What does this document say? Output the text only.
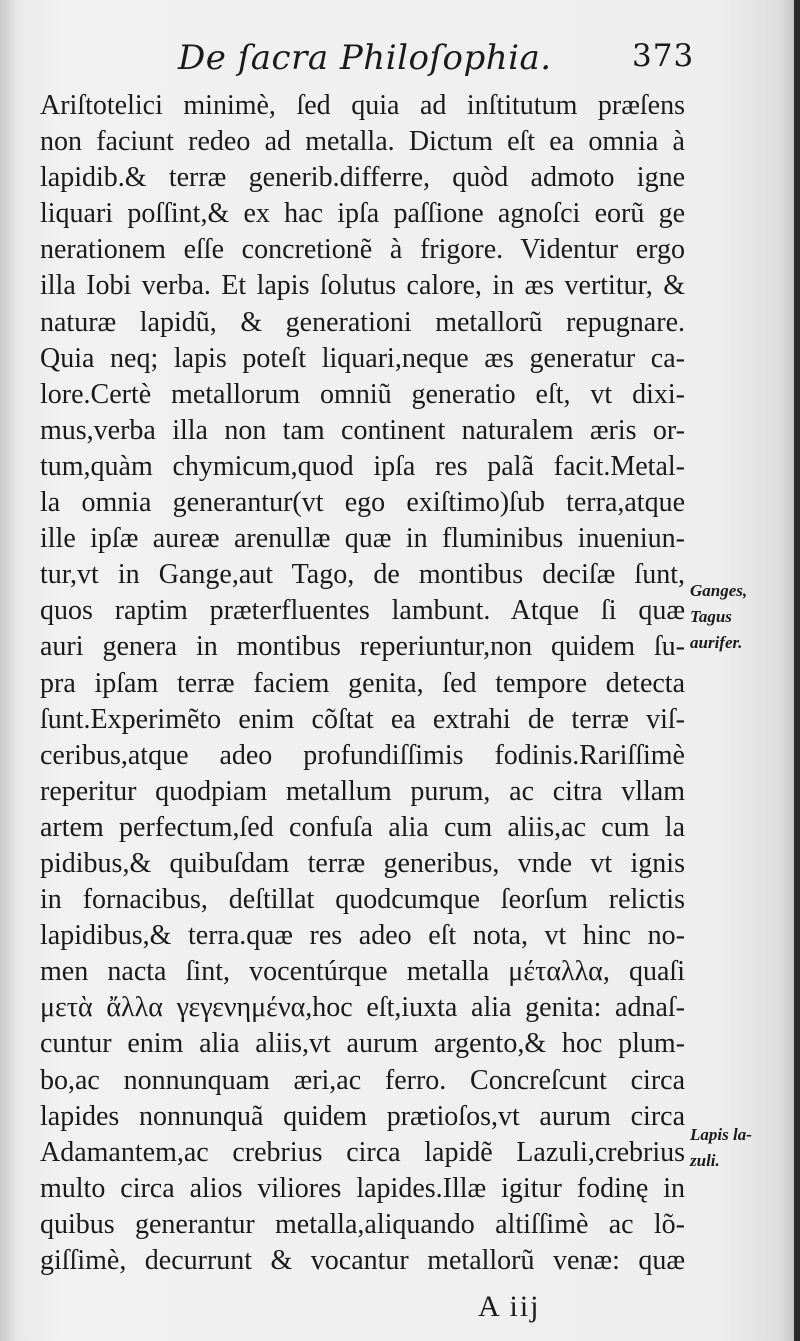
De ſacra Philoſophia.	373
Ariſtotelici minimè, ſed quia ad inſtitutum præſens
non faciunt redeo ad metalla. Dictum eſt ea omnia à
lapidib.& terræ generib.differre, quòd admoto igne
liquari poſſint,& ex hac ipſa paſſione agnoſci eorũ ge
nerationem eſſe concretionẽ à frigore. Videntur ergo
illa Iobi verba. Et lapis ſolutus calore, in æs vertitur, &
naturæ lapidũ, & generationi metallorũ repugnare.
Quia neq; lapis poteſt liquari,neque æs generatur ca-
lore.Certè metallorum omniũ generatio eſt, vt dixi-
mus,verba illa non tam continent naturalem æris or-
tum,quàm chymicum,quod ipſa res palã facit.Metal-
la omnia generantur(vt ego exiſtimo)ſub terra,atque
ille ipſæ aureæ arenullæ quæ in fluminibus inueniun-
tur,vt in Gange,aut Tago, de montibus deciſæ ſunt,
quos raptim præterfluentes lambunt. Atque ſi quæ
auri genera in montibus reperiuntur,non quidem ſu-
pra ipſam terræ faciem genita, ſed tempore detecta
ſunt.Experimẽto enim cõſtat ea extrahi de terræ viſ-
ceribus,atque adeo profundiſſimis fodinis.Rariſſimè
reperitur quodpiam metallum purum, ac citra vllam
artem perfectum,ſed confuſa alia cum aliis,ac cum la
pidibus,& quibuſdam terræ generibus, vnde vt ignis
in fornacibus, deſtillat quodcumque ſeorſum relictis
lapidibus,& terra.quæ res adeo eſt nota, vt hinc no-
men nacta ſint, vocentúrque metalla μέταλλα, quaſi
μετὰ ἄλλα γεγενημένα,hoc eſt,iuxta alia genita: adnaſ-
cuntur enim alia aliis,vt aurum argento,& hoc plum-
bo,ac nonnunquam æri,ac ferro. Concreſcunt circa
lapides nonnunquã quidem prætioſos,vt aurum circa
Adamantem,ac crebrius circa lapidẽ Lazuli,crebrius
multo circa alios viliores lapides.Illæ igitur fodinę in
quibus generantur metalla,aliquando altiſſimè ac lõ-
giſſimè, decurrunt & vocantur metallorũ venæ: quæ
Ganges,
Tagus
aurifer.
Lapis la-
zuli.
A iij
